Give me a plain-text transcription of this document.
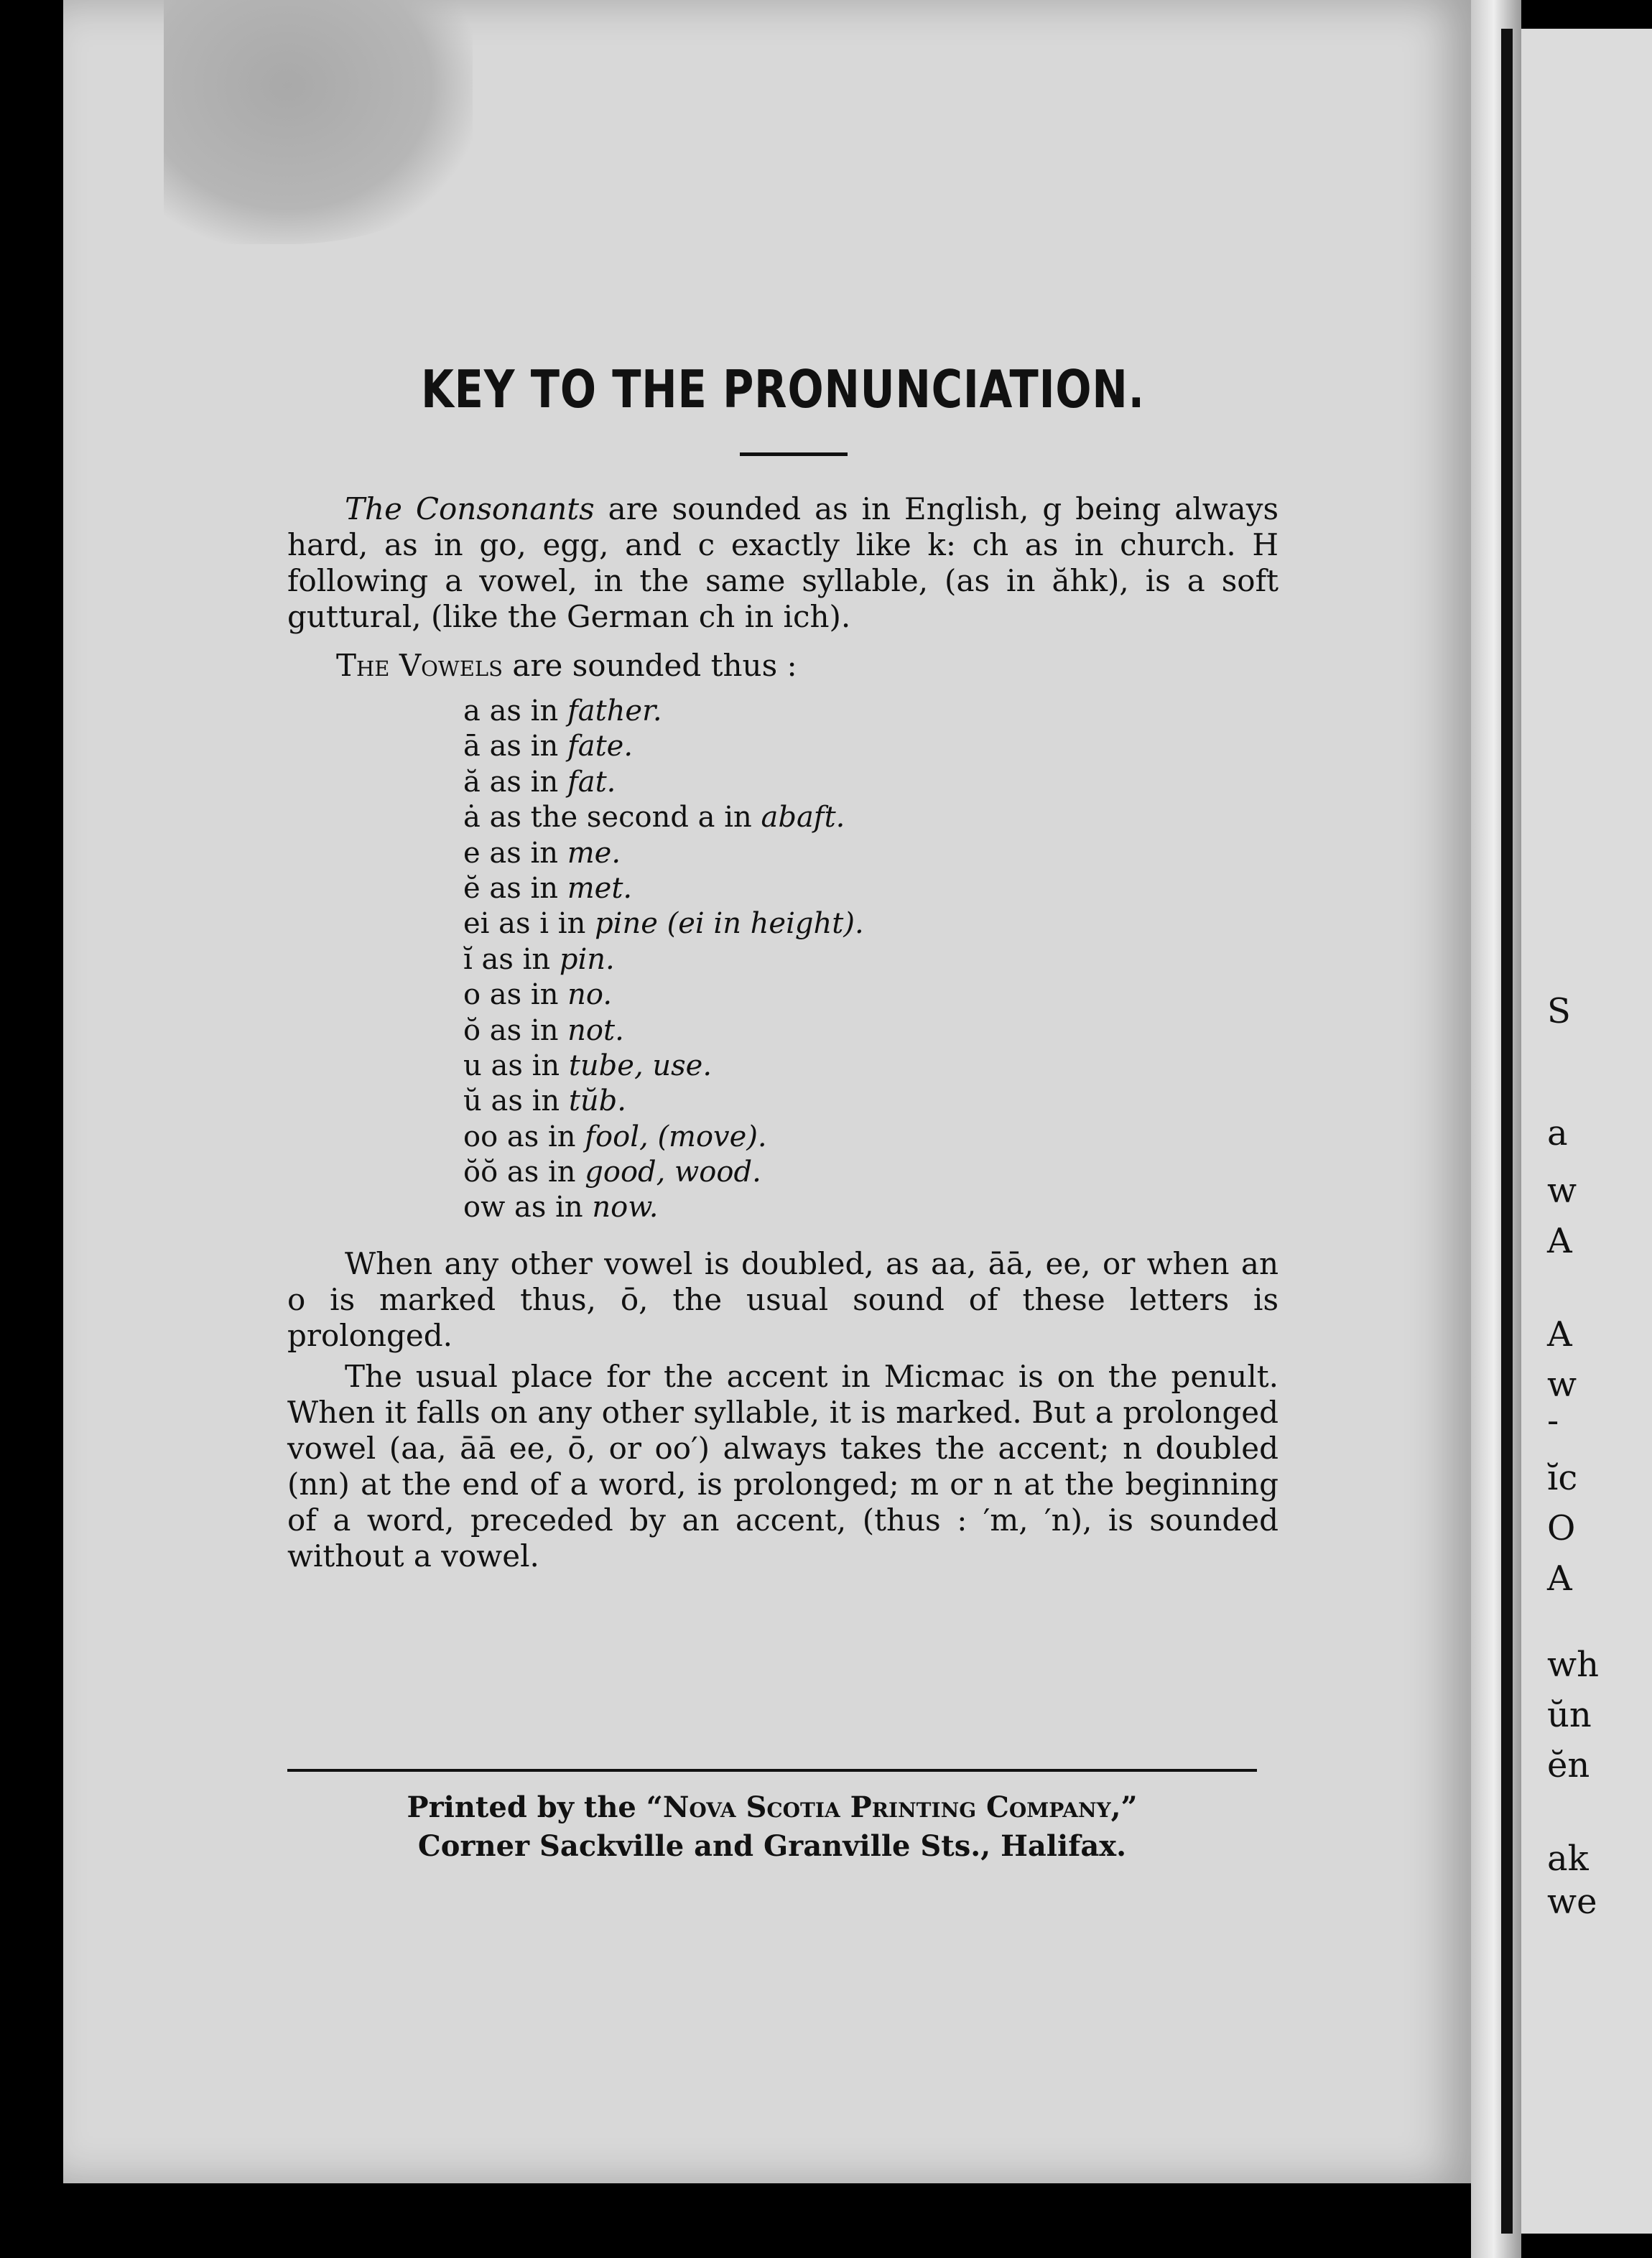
S
a
w
A
A
w
-
ĭc
O
A
wh
ŭn
ĕn
ak
we
KEY TO THE PRONUNCIATION.

The Consonants are sounded as in English, g being always hard, as in go, egg, and c exactly like k: ch as in church. H following a vowel, in the same syllable, (as in ăhk), is a soft guttural, (like the German ch in ich).

The Vowels are sounded thus :

a as in father.
ā as in fate.
ă as in fat.
ȧ as the second a in abaft.
e as in me.
ĕ as in met.
ei as i in pine (ei in height).
ĭ as in pin.
o as in no.
ŏ as in not.
u as in tube, use.
ŭ as in tŭb.
oo as in fool, (move).
ŏŏ as in good, wood.
ow as in now.

When any other vowel is doubled, as aa, āā, ee, or when an o is marked thus, ō, the usual sound of these letters is prolonged.

The usual place for the accent in Micmac is on the penult. When it falls on any other syllable, it is marked. But a prolonged vowel (aa, āā ee, ō, or oo′) always takes the accent; n doubled (nn) at the end of a word, is prolonged; m or n at the beginning of a word, preceded by an accent, (thus : ′m, ′n), is sounded without a vowel.

Printed by the “Nova Scotia Printing Company,”
Corner Sackville and Granville Sts., Halifax.
